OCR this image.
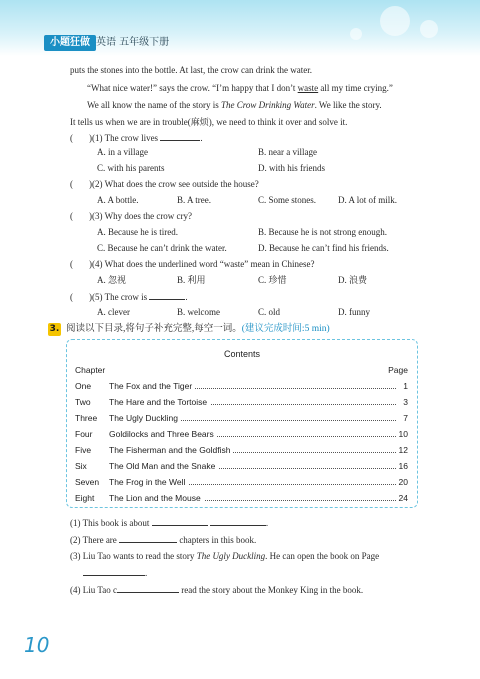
小题狂做 英语 五年级下册
puts the stones into the bottle. At last, the crow can drink the water.
“What nice water!” says the crow. “I’m happy that I don’t waste all my time crying.”
We all know the name of the story is The Crow Drinking Water. We like the story.
It tells us when we are in trouble(麻烦), we need to think it over and solve it.
( )(1) The crow lives	.
A. in a village	B. near a village
C. with his parents	D. with his friends
( )(2) What does the crow see outside the house?
A. A bottle.	B. A tree.	C. Some stones. D. A lot of milk.
( )(3) Why does the crow cry?
A. Because he is tired.	B. Because he is not strong enough.
C. Because he can’t drink the water.	D. Because he can’t find his friends.
( )(4) What does the underlined word “waste” mean in Chinese?
A. 忽视	B. 利用	C. 珍惜	D. 浪费
( )(5) The crow is	.
A. clever	B. welcome	C. old	D. funny
3. 阅读以下目录,将句子补充完整,每空一词。(建议完成时间:5 min)
Contents
Chapter	Page
One The Fox and the Tiger	1
Two The Hare and the Tortoise	3
Three The Ugly Duckling	7
Four Goldilocks and Three Bears	10
Five The Fisherman and the Goldfish	12
Six	The Old Man and the Snake	16
Seven The Frog in the Well	20
Eight The Lion and the Mouse	24
(1) This book is about	.
(2) There are	chapters in this book.
(3) Liu Tao wants to read the story The Ugly Duckling. He can open the book on Page
.
(4) Liu Tao c	read the story about the Monkey King in the book.
10
